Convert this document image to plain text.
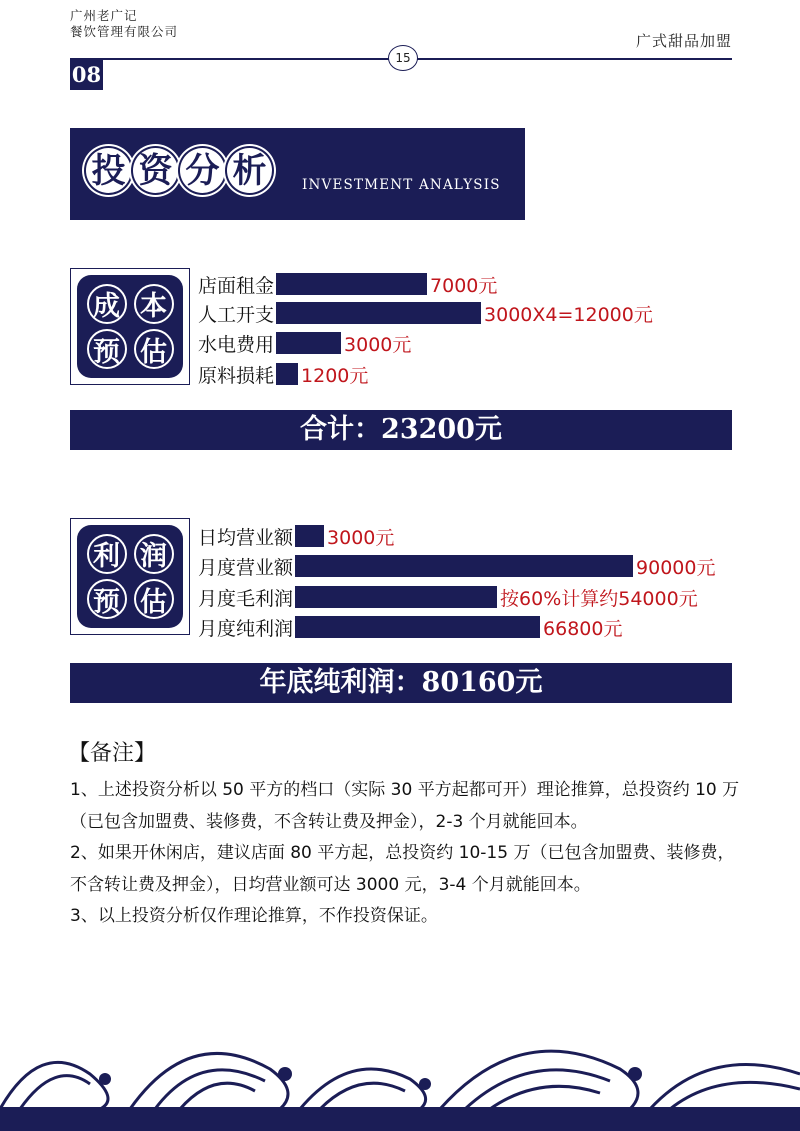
广州老广记
餐饮管理有限公司
广式甜品加盟
15
08
投 资 分 析	INVESTMENT ANALYSIS
成 本
预 估
店面租金	7000元
人工开支	3000X4=12000元
水电费用	3000元
原料损耗 1200元
合计：23200元
利 润
预 估
日均营业额 3000元
月度营业额	90000元
月度毛利润	按60%计算约54000元
月度纯利润	66800元
年底纯利润：80160元
【备注】

1、上述投资分析以 50 平方的档口（实际 30 平方起都可开）理论推算，总投资约 10 万（已包含加盟费、装修费，不含转让费及押金），2-3 个月就能回本。

2、如果开休闲店，建议店面 80 平方起，总投资约 10-15 万（已包含加盟费、装修费，不含转让费及押金），日均营业额可达 3000 元，3-4 个月就能回本。

3、以上投资分析仅作理论推算，不作投资保证。
